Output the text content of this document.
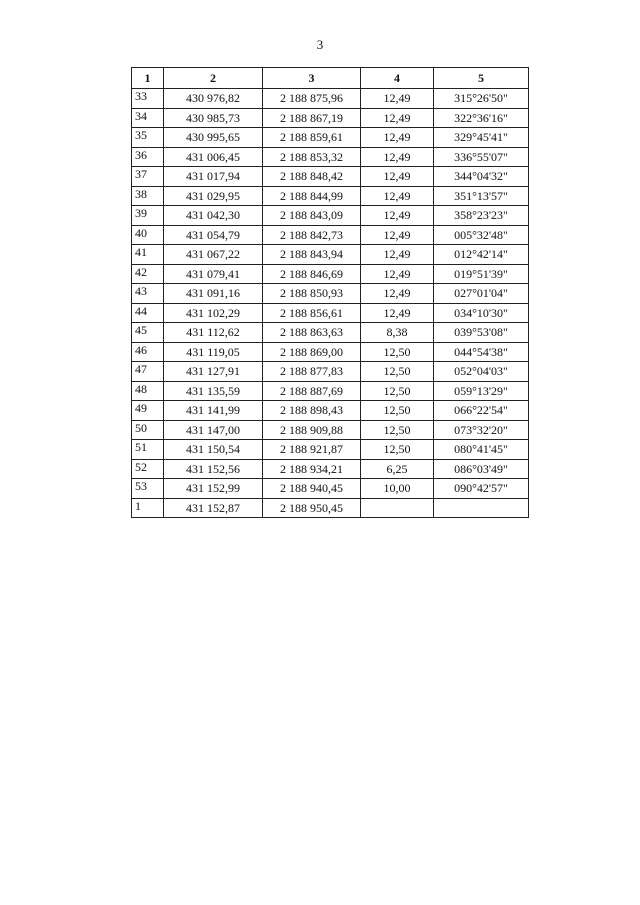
3
1	2	3	4	5
33	430 976,82	2 188 875,96	12,49	315°26'50"
34	430 985,73	2 188 867,19	12,49	322°36'16"
35	430 995,65	2 188 859,61	12,49	329°45'41"
36	431 006,45	2 188 853,32	12,49	336°55'07"
37	431 017,94	2 188 848,42	12,49	344°04'32"
38	431 029,95	2 188 844,99	12,49	351°13'57"
39	431 042,30	2 188 843,09	12,49	358°23'23"
40	431 054,79	2 188 842,73	12,49	005°32'48"
41	431 067,22	2 188 843,94	12,49	012°42'14"
42	431 079,41	2 188 846,69	12,49	019°51'39"
43	431 091,16	2 188 850,93	12,49	027°01'04"
44	431 102,29	2 188 856,61	12,49	034°10'30"
45	431 112,62	2 188 863,63	8,38	039°53'08"
46	431 119,05	2 188 869,00	12,50	044°54'38"
47	431 127,91	2 188 877,83	12,50	052°04'03"
48	431 135,59	2 188 887,69	12,50	059°13'29"
49	431 141,99	2 188 898,43	12,50	066°22'54"
50	431 147,00	2 188 909,88	12,50	073°32'20"
51	431 150,54	2 188 921,87	12,50	080°41'45"
52	431 152,56	2 188 934,21	6,25	086°03'49"
53	431 152,99	2 188 940,45	10,00	090°42'57"
1	431 152,87	2 188 950,45		
